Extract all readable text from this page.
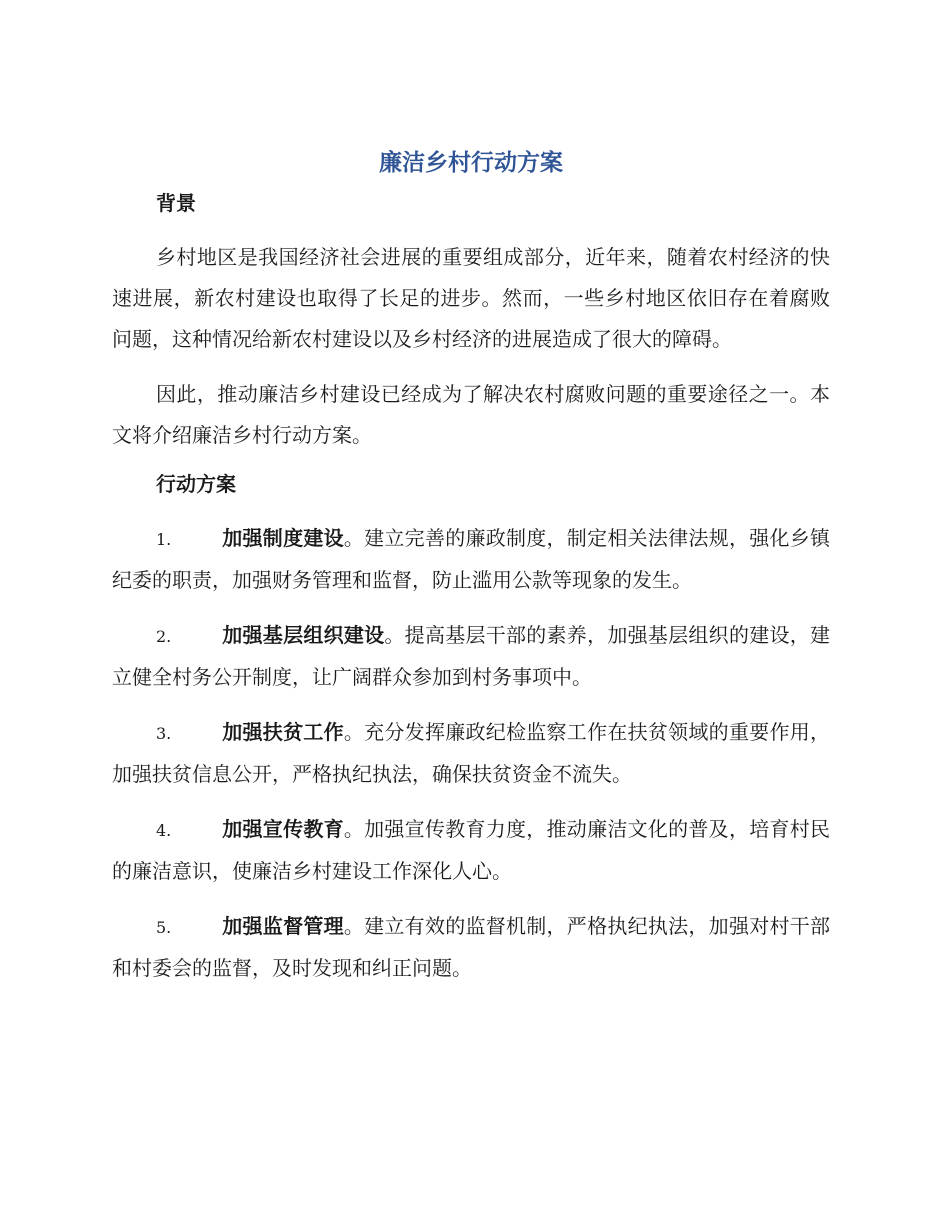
廉洁乡村行动方案
背景

乡村地区是我国经济社会进展的重要组成部分，近年来，随着农村经济的快速进展，新农村建设也取得了长足的进步。然而，一些乡村地区依旧存在着腐败问题，这种情况给新农村建设以及乡村经济的进展造成了很大的障碍。

因此，推动廉洁乡村建设已经成为了解决农村腐败问题的重要途径之一。本文将介绍廉洁乡村行动方案。

行动方案

1.	加强制度建设。建立完善的廉政制度，制定相关法律法规，强化乡镇纪委的职责，加强财务管理和监督，防止滥用公款等现象的发生。

2.	加强基层组织建设。提高基层干部的素养，加强基层组织的建设，建立健全村务公开制度，让广阔群众参加到村务事项中。

3.	加强扶贫工作。充分发挥廉政纪检监察工作在扶贫领域的重要作用，加强扶贫信息公开，严格执纪执法，确保扶贫资金不流失。

4.	加强宣传教育。加强宣传教育力度，推动廉洁文化的普及，培育村民的廉洁意识，使廉洁乡村建设工作深化人心。

5.	加强监督管理。建立有效的监督机制，严格执纪执法，加强对村干部和村委会的监督，及时发现和纠正问题。
